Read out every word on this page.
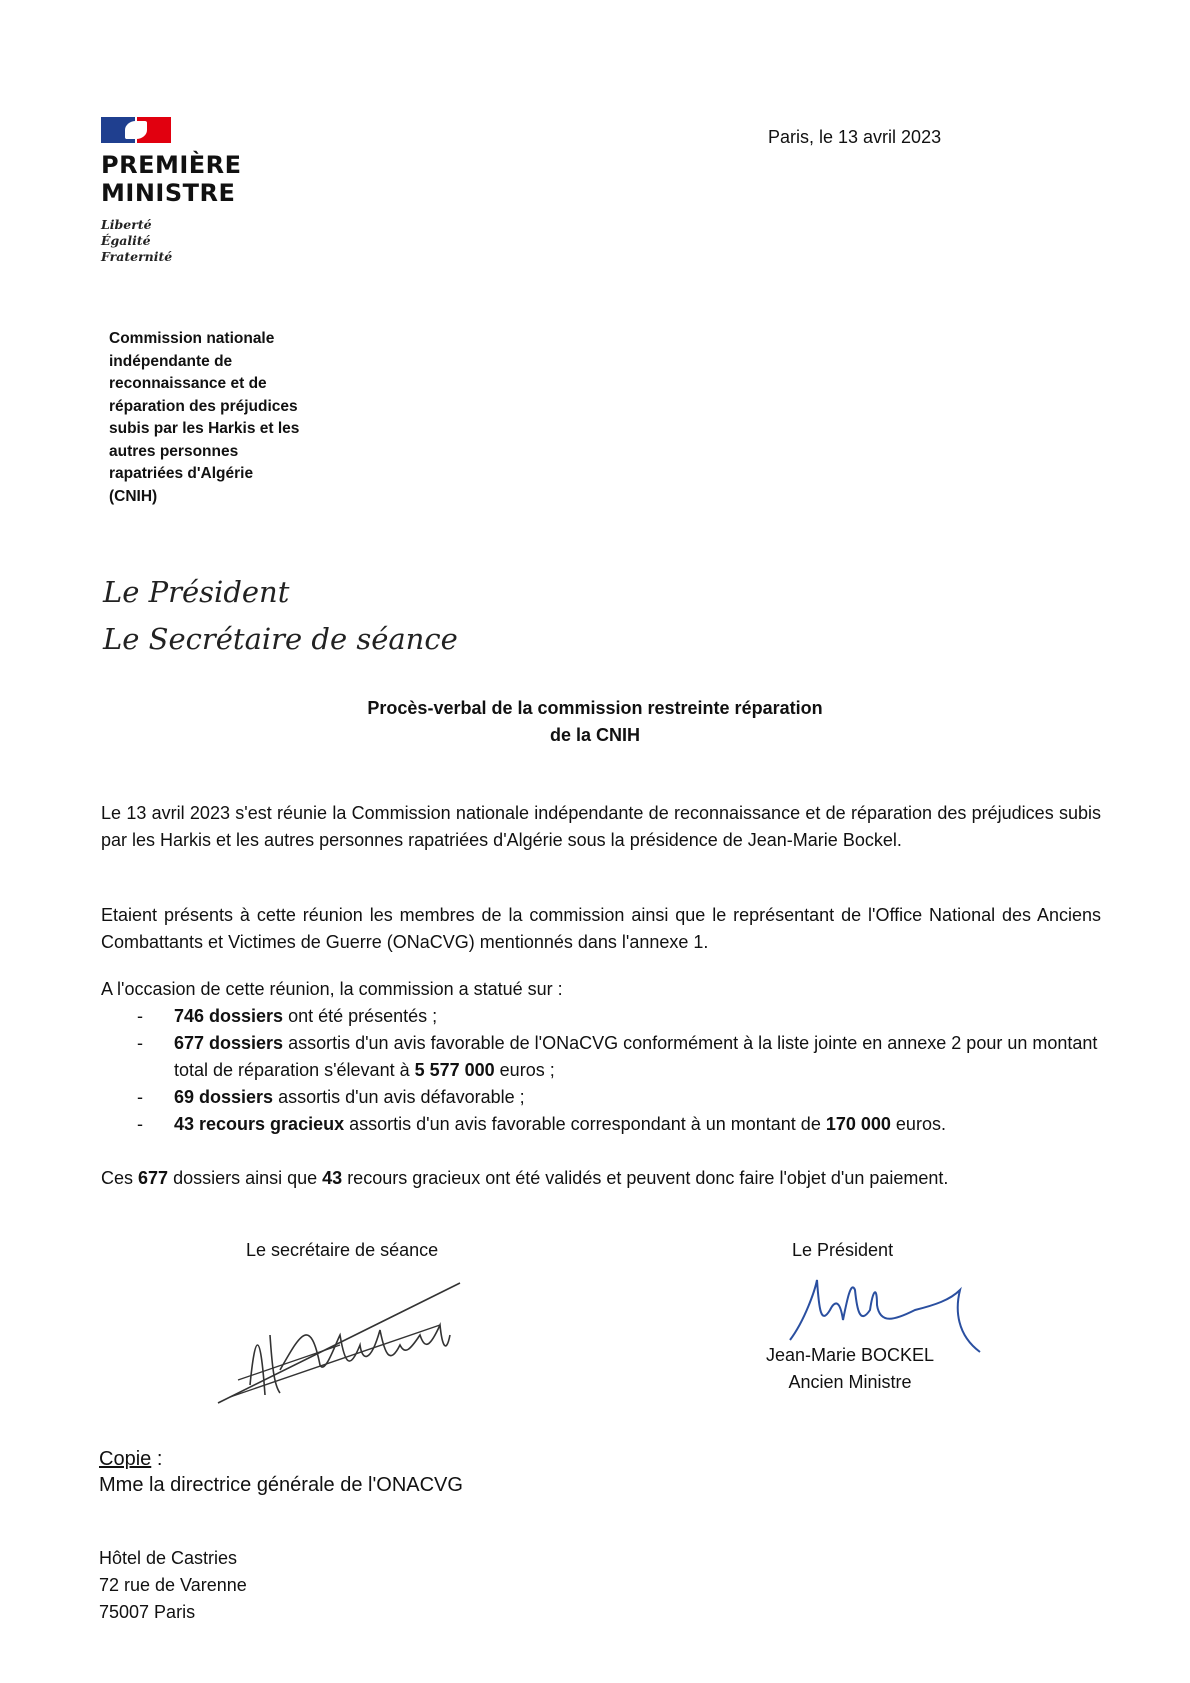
PREMIÈRE
MINISTRE
Liberté
Égalité
Fraternité
Paris, le 13 avril 2023
Commission nationale
indépendante de
reconnaissance et de
réparation des préjudices
subis par les Harkis et les
autres personnes
rapatriées d'Algérie
(CNIH)
Le Président
Le Secrétaire de séance
Procès-verbal de la commission restreinte réparation
de la CNIH
Le 13 avril 2023 s'est réunie la Commission nationale indépendante de reconnaissance et de réparation des préjudices subis par les Harkis et les autres personnes rapatriées d'Algérie sous la présidence de Jean-Marie Bockel.
Etaient présents à cette réunion les membres de la commission ainsi que le représentant de l'Office National des Anciens Combattants et Victimes de Guerre (ONaCVG) mentionnés dans l'annexe 1.
A l'occasion de cette réunion, la commission a statué sur :
- 746 dossiers ont été présentés ;
- 677 dossiers assortis d'un avis favorable de l'ONaCVG conformément à la liste jointe en annexe 2 pour un montant total de réparation s'élevant à 5 577 000 euros ;
- 69 dossiers assortis d'un avis défavorable ;
- 43 recours gracieux assortis d'un avis favorable correspondant à un montant de 170 000 euros.
Ces 677 dossiers ainsi que 43 recours gracieux ont été validés et peuvent donc faire l'objet d'un paiement.
Le secrétaire de séance	Le Président
Jean-Marie BOCKEL
Ancien Ministre
Copie :
Mme la directrice générale de l'ONACVG
Hôtel de Castries
72 rue de Varenne
75007 Paris
